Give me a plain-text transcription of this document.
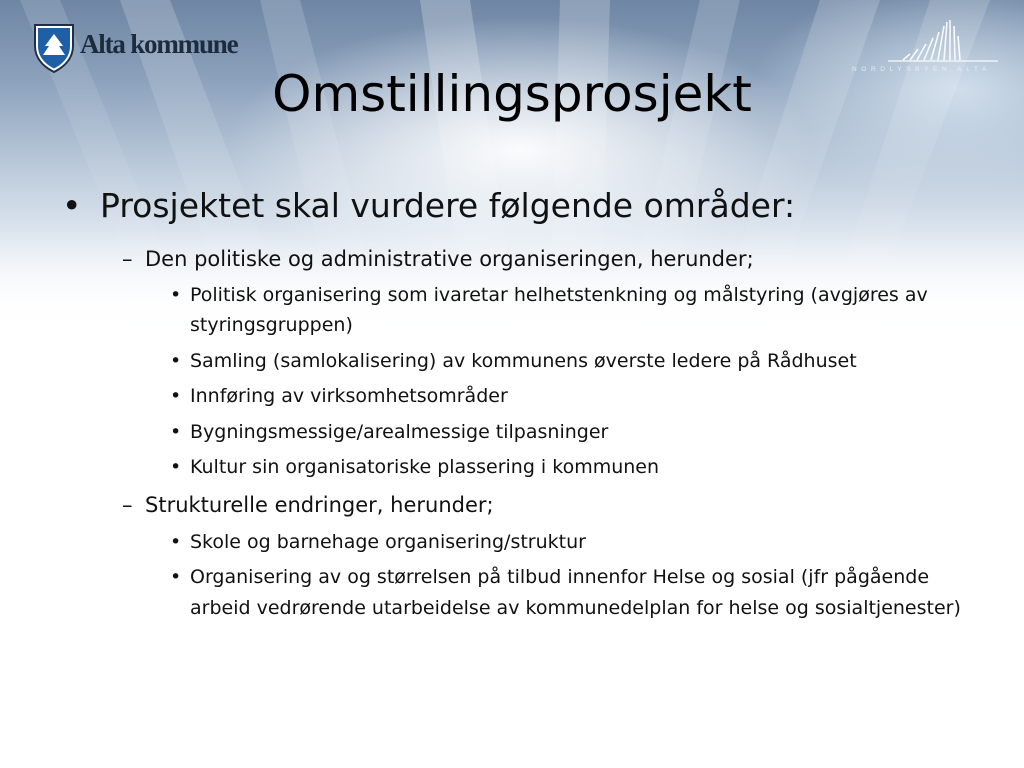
Alta kommune
NORDLYSBYEN ALTA
Omstillingsprosjekt
• Prosjektet skal vurdere følgende områder:
– Den politiske og administrative organiseringen, herunder;
• Politisk organisering som ivaretar helhetstenkning og målstyring (avgjøres av styringsgruppen)
• Samling (samlokalisering) av kommunens øverste ledere på Rådhuset
• Innføring av virksomhetsområder
• Bygningsmessige/arealmessige tilpasninger
• Kultur sin organisatoriske plassering i kommunen
– Strukturelle endringer, herunder;
• Skole og barnehage organisering/struktur
• Organisering av og størrelsen på tilbud innenfor Helse og sosial (jfr pågående arbeid vedrørende utarbeidelse av kommunedelplan for helse og sosialtjenester)
